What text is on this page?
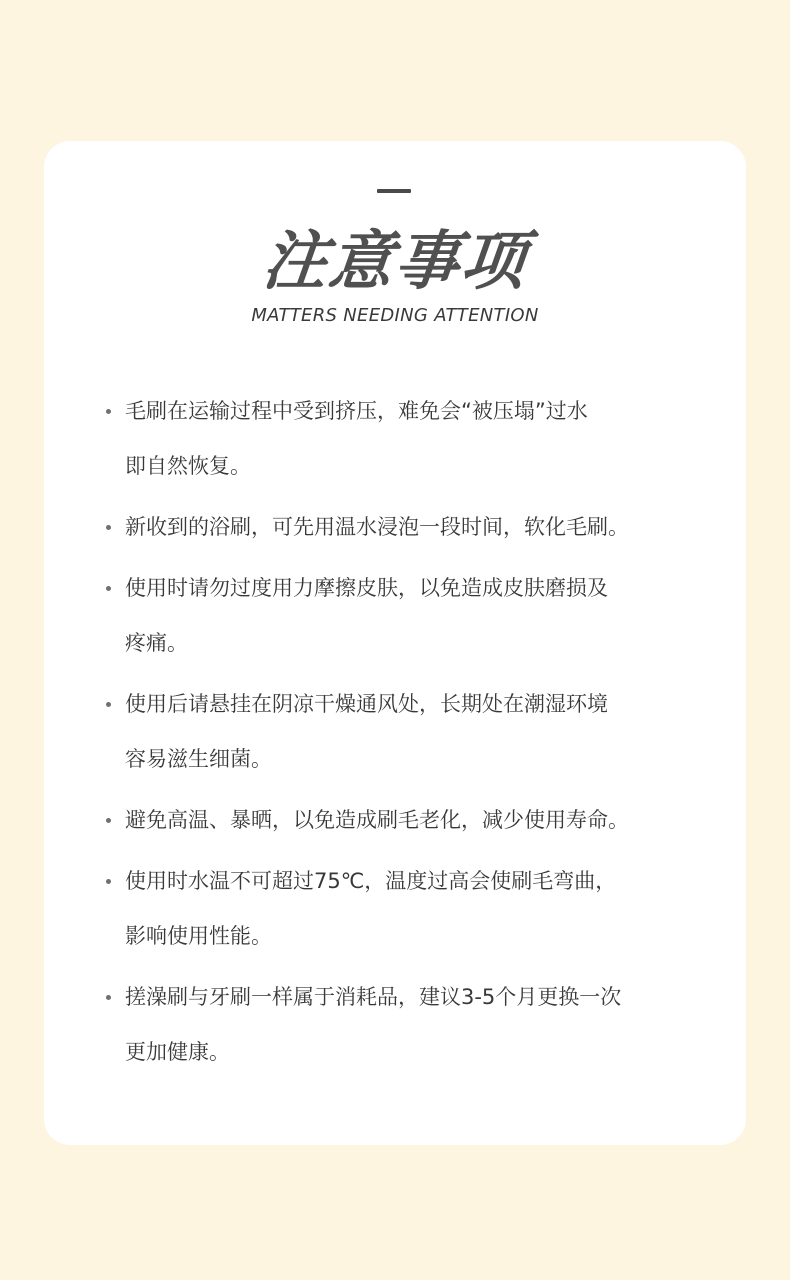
注意事项
MATTERS NEEDING ATTENTION
毛刷在运输过程中受到挤压，难免会“被压塌”过水
即自然恢复。
新收到的浴刷，可先用温水浸泡一段时间，软化毛刷。
使用时请勿过度用力摩擦皮肤，以免造成皮肤磨损及
疼痛。
使用后请悬挂在阴凉干燥通风处，长期处在潮湿环境
容易滋生细菌。
避免高温、暴晒，以免造成刷毛老化，减少使用寿命。
使用时水温不可超过75℃，温度过高会使刷毛弯曲，
影响使用性能。
搓澡刷与牙刷一样属于消耗品，建议3-5个月更换一次
更加健康。
